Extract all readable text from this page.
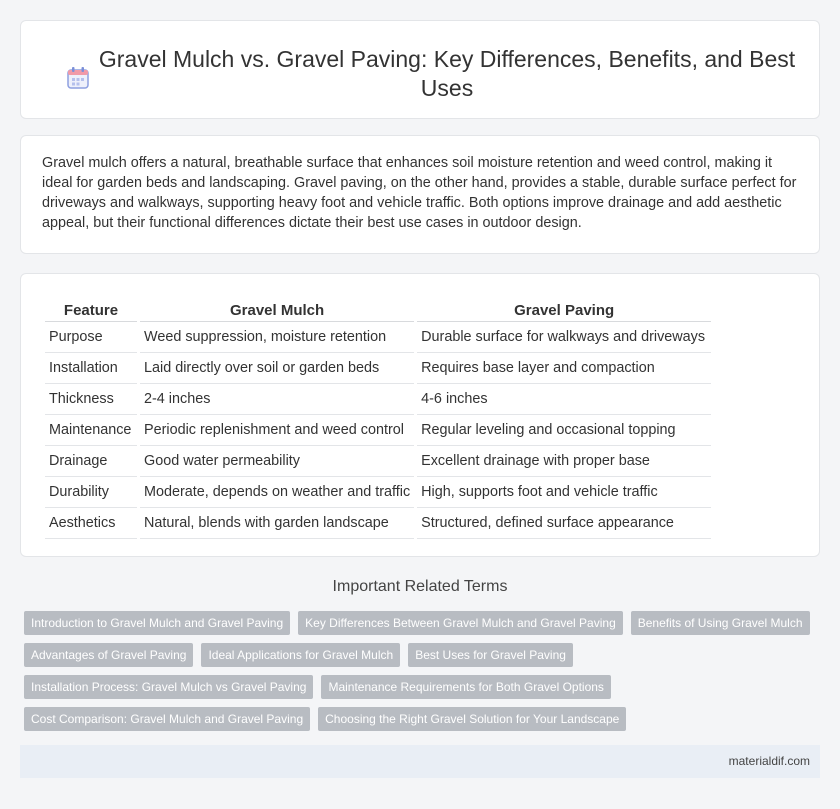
Gravel Mulch vs. Gravel Paving: Key Differences, Benefits, and Best Uses

Gravel mulch offers a natural, breathable surface that enhances soil moisture retention and weed control, making it ideal for garden beds and landscaping. Gravel paving, on the other hand, provides a stable, durable surface perfect for driveways and walkways, supporting heavy foot and vehicle traffic. Both options improve drainage and add aesthetic appeal, but their functional differences dictate their best use cases in outdoor design.

Feature	Gravel Mulch	Gravel Paving
Purpose	Weed suppression, moisture retention	Durable surface for walkways and driveways
Installation	Laid directly over soil or garden beds	Requires base layer and compaction
Thickness	2-4 inches	4-6 inches
Maintenance	Periodic replenishment and weed control	Regular leveling and occasional topping
Drainage	Good water permeability	Excellent drainage with proper base
Durability	Moderate, depends on weather and traffic	High, supports foot and vehicle traffic
Aesthetics	Natural, blends with garden landscape	Structured, defined surface appearance
Important Related Terms
Introduction to Gravel Mulch and Gravel Paving	Key Differences Between Gravel Mulch and Gravel Paving	Benefits of Using Gravel Mulch
Advantages of Gravel Paving	Ideal Applications for Gravel Mulch	Best Uses for Gravel Paving
Installation Process: Gravel Mulch vs Gravel Paving	Maintenance Requirements for Both Gravel Options
Cost Comparison: Gravel Mulch and Gravel Paving	Choosing the Right Gravel Solution for Your Landscape
materialdif.com
